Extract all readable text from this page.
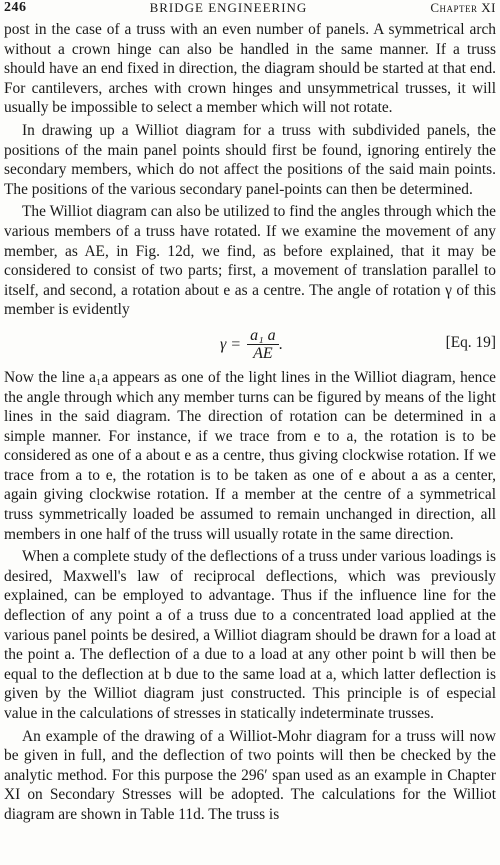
246	BRIDGE ENGINEERING	Chapter XI

post in the case of a truss with an even number of panels. A symmetrical arch without a crown hinge can also be handled in the same manner. If a truss should have an end fixed in direction, the diagram should be started at that end. For cantilevers, arches with crown hinges and unsymmetrical trusses, it will usually be impossible to select a member which will not rotate.

In drawing up a Williot diagram for a truss with subdivided panels, the positions of the main panel points should first be found, ignoring entirely the secondary members, which do not affect the positions of the said main points. The positions of the various secondary panel-points can then be determined.

The Williot diagram can also be utilized to find the angles through which the various members of a truss have rotated. If we examine the movement of any member, as AE, in Fig. 12d, we find, as before explained, that it may be considered to consist of two parts; first, a movement of translation parallel to itself, and second, a rotation about e as a centre. The angle of rotation γ of this member is evidently

$\gamma = \frac{\text{a₁ a}}{AE}$ .	[Eq. 19]

Now the line a₁a appears as one of the light lines in the Williot diagram, hence the angle through which any member turns can be figured by means of the light lines in the said diagram. The direction of rotation can be determined in a simple manner. For instance, if we trace from e to a, the rotation is to be considered as one of a about e as a centre, thus giving clockwise rotation. If we trace from a to e, the rotation is to be taken as one of e about a as a center, again giving clockwise rotation. If a member at the centre of a symmetrical truss symmetrically loaded be assumed to remain unchanged in direction, all members in one half of the truss will usually rotate in the same direction.

When a complete study of the deflections of a truss under various loadings is desired, Maxwell's law of reciprocal deflections, which was previously explained, can be employed to advantage. Thus if the influence line for the deflection of any point a of a truss due to a concentrated load applied at the various panel points be desired, a Williot diagram should be drawn for a load at the point a. The deflection of a due to a load at any other point b will then be equal to the deflection at b due to the same load at a, which latter deflection is given by the Williot diagram just constructed. This principle is of especial value in the calculations of stresses in statically indeterminate trusses.

An example of the drawing of a Williot-Mohr diagram for a truss will now be given in full, and the deflection of two points will then be checked by the analytic method. For this purpose the 296′ span used as an example in Chapter XI on Secondary Stresses will be adopted. The calculations for the Williot diagram are shown in Table 11d. The truss is
